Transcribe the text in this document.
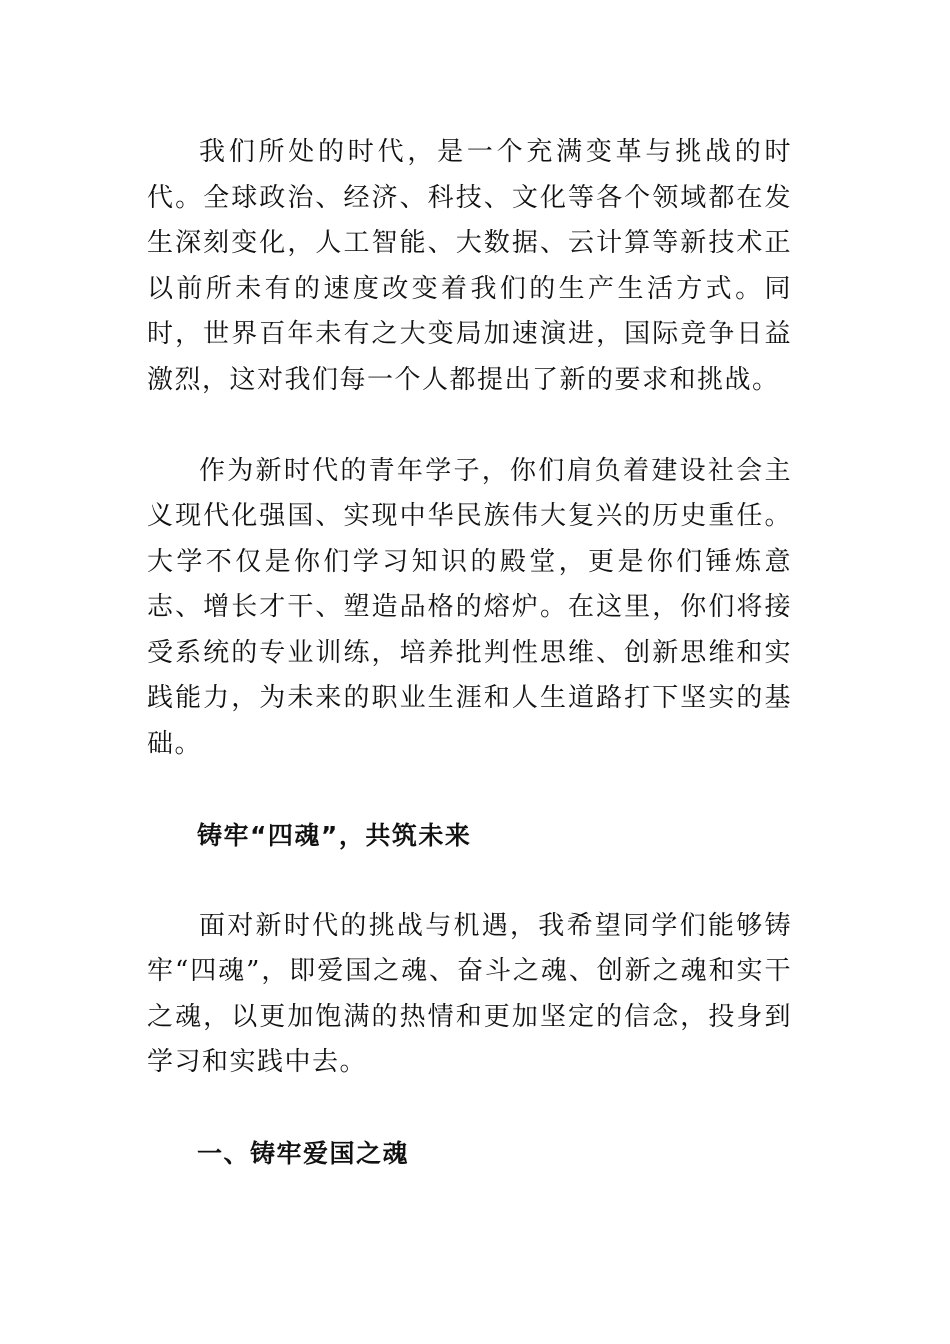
我们所处的时代，是一个充满变革与挑战的时代。全球政治、经济、科技、文化等各个领域都在发生深刻变化，人工智能、大数据、云计算等新技术正以前所未有的速度改变着我们的生产生活方式。同时，世界百年未有之大变局加速演进，国际竞争日益激烈，这对我们每一个人都提出了新的要求和挑战。

作为新时代的青年学子，你们肩负着建设社会主义现代化强国、实现中华民族伟大复兴的历史重任。大学不仅是你们学习知识的殿堂，更是你们锤炼意志、增长才干、塑造品格的熔炉。在这里，你们将接受系统的专业训练，培养批判性思维、创新思维和实践能力，为未来的职业生涯和人生道路打下坚实的基础。

铸牢“四魂”，共筑未来

面对新时代的挑战与机遇，我希望同学们能够铸牢“四魂”，即爱国之魂、奋斗之魂、创新之魂和实干之魂，以更加饱满的热情和更加坚定的信念，投身到学习和实践中去。

一、铸牢爱国之魂
